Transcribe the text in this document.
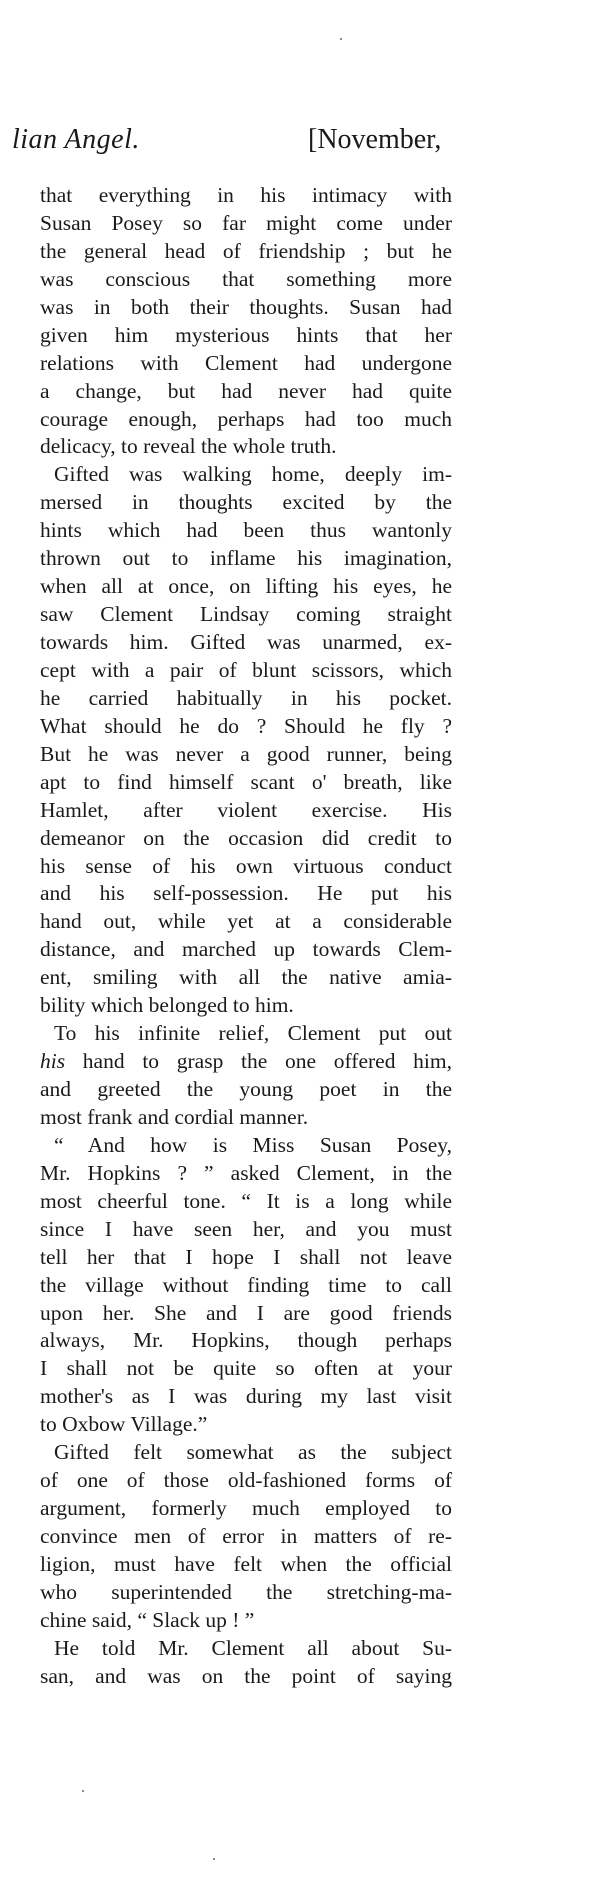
lian Angel.	[November,
that everything in his intimacy with
Susan Posey so far might come under
the general head of friendship ; but he
was conscious that something more
was in both their thoughts. Susan had
given him mysterious hints that her
relations with Clement had undergone
a change, but had never had quite
courage enough, perhaps had too much
delicacy, to reveal the whole truth.
Gifted was walking home, deeply im-
mersed in thoughts excited by the
hints which had been thus wantonly
thrown out to inflame his imagination,
when all at once, on lifting his eyes, he
saw Clement Lindsay coming straight
towards him. Gifted was unarmed, ex-
cept with a pair of blunt scissors, which
he carried habitually in his pocket.
What should he do ? Should he fly ?
But he was never a good runner, being
apt to find himself scant o' breath, like
Hamlet, after violent exercise. His
demeanor on the occasion did credit to
his sense of his own virtuous conduct
and his self-possession. He put his
hand out, while yet at a considerable
distance, and marched up towards Clem-
ent, smiling with all the native amia-
bility which belonged to him.
To his infinite relief, Clement put out
his hand to grasp the one offered him,
and greeted the young poet in the
most frank and cordial manner.
“ And how is Miss Susan Posey,
Mr. Hopkins ? ” asked Clement, in the
most cheerful tone. “ It is a long while
since I have seen her, and you must
tell her that I hope I shall not leave
the village without finding time to call
upon her. She and I are good friends
always, Mr. Hopkins, though perhaps
I shall not be quite so often at your
mother's as I was during my last visit
to Oxbow Village.”
Gifted felt somewhat as the subject
of one of those old-fashioned forms of
argument, formerly much employed to
convince men of error in matters of re-
ligion, must have felt when the official
who superintended the stretching-ma-
chine said, “ Slack up ! ”
He told Mr. Clement all about Su-
san, and was on the point of saying
